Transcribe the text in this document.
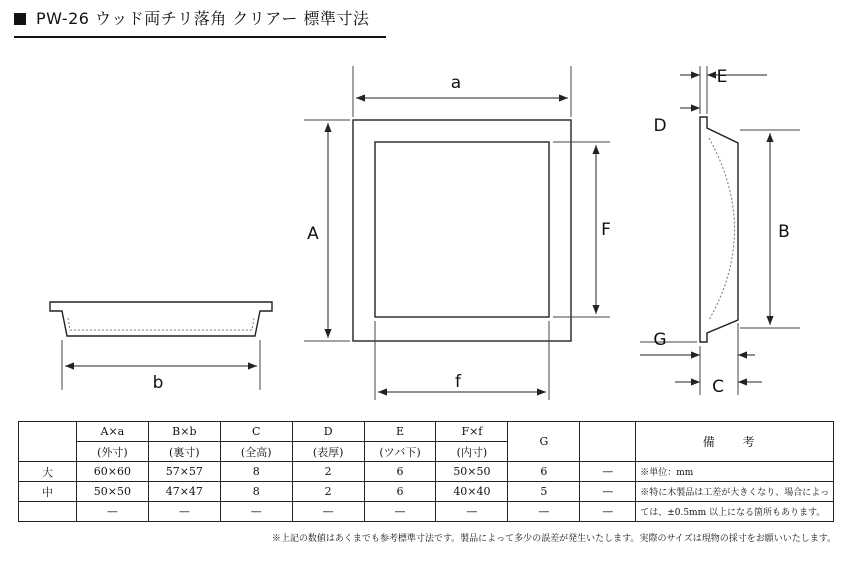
PW-26 ウッド両チリ落角 クリアー 標準寸法
a
A	F
f
b
E
D
B
G
C
	A×a	B×b	C	D	E	F×f	G		備 考
	(外寸)	(裏寸)	(全高)	(表厚)	(ツバ下)	(内寸)			
大	60×60	57×57	8	2	6	50×50	6	—	※単位：mm
中	50×50	47×47	8	2	6	40×40	5	—	※特に木製品は工差が大きくなり、場合によっ
	—	—	—	—	—	—	—	—	ては、±0.5mm 以上になる箇所もあります。
※上記の数値はあくまでも参考標準寸法です。製品によって多少の誤差が発生いたします。実際のサイズは現物の採寸をお願いいたします。
